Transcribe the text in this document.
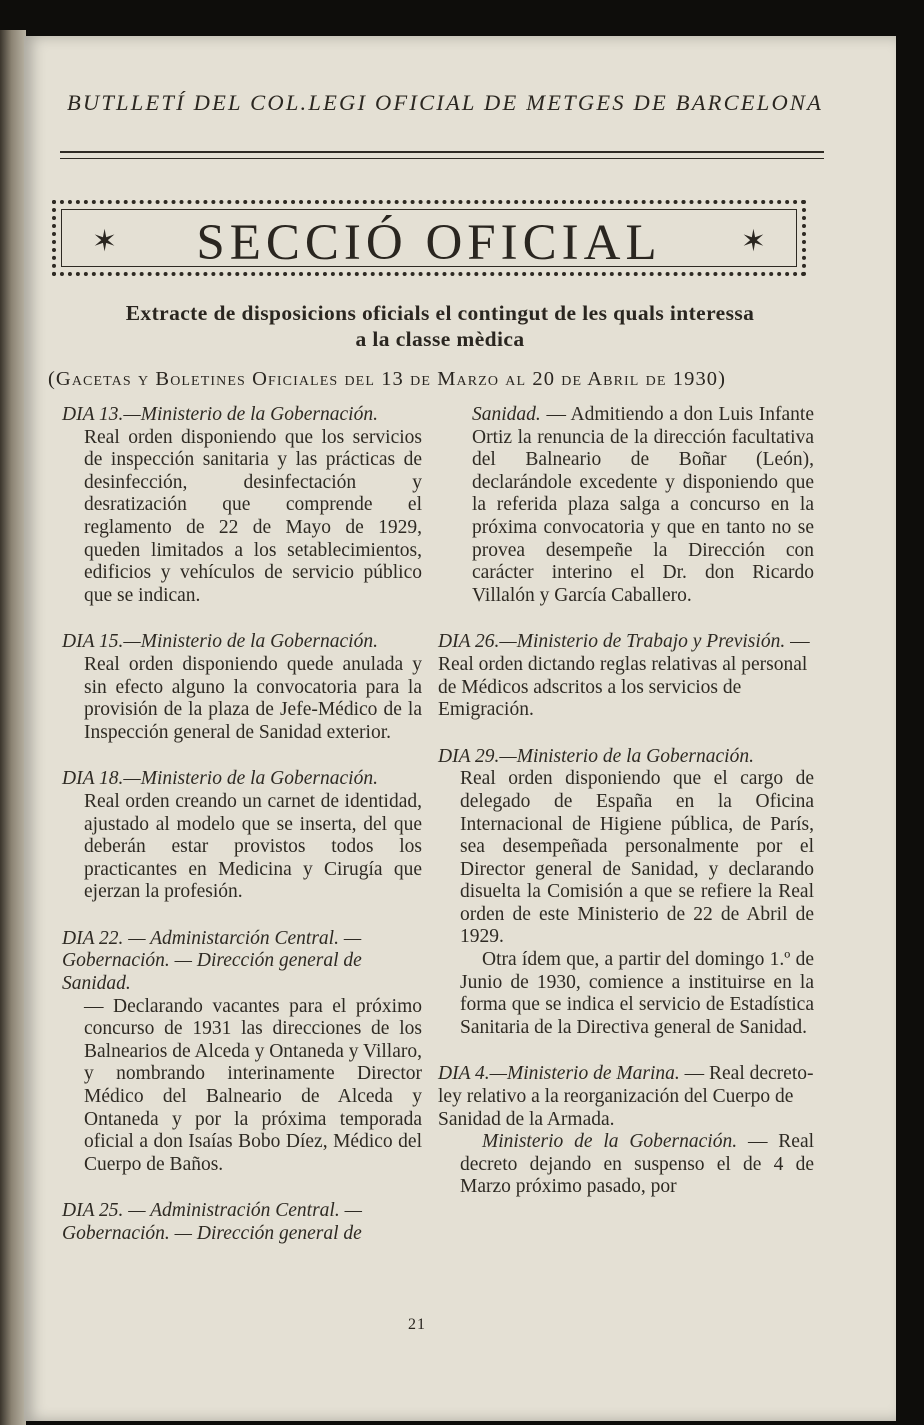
BUTLLETÍ DEL COL.LEGI OFICIAL DE METGES DE BARCELONA
✶	SECCIÓ OFICIAL	✶
Extracte de disposicions oficials el contingut de les quals interessa
a la classe mèdica
(Gacetas y Boletines Oficiales del 13 de Marzo al 20 de Abril de 1930)

DIA 13.—Ministerio de la Gobernación.
Real orden disponiendo que los servicios de inspección sanitaria y las prácticas de desinfección, desinfectación y desratización que comprende el reglamento de 22 de Mayo de 1929, queden limitados a los setablecimientos, edificios y vehículos de servicio público que se indican.

DIA 15.—Ministerio de la Gobernación.
Real orden disponiendo quede anulada y sin efecto alguno la convocatoria para la provisión de la plaza de Jefe-Médico de la Inspección general de Sanidad exterior.

DIA 18.—Ministerio de la Gobernación.
Real orden creando un carnet de identidad, ajustado al modelo que se inserta, del que deberán estar provistos todos los practicantes en Medicina y Cirugía que ejerzan la profesión.

DIA 22. — Administarción Central. — Gobernación. — Dirección general de Sanidad.
— Declarando vacantes para el próximo concurso de 1931 las direcciones de los Balnearios de Alceda y Ontaneda y Villaro, y nombrando interinamente Director Médico del Balneario de Alceda y Ontaneda y por la próxima temporada oficial a don Isaías Bobo Díez, Médico del Cuerpo de Baños.

DIA 25. — Administración Central. — Gobernación. — Dirección general de

Sanidad. — Admitiendo a don Luis Infante Ortiz la renuncia de la dirección facultativa del Balneario de Boñar (León), declarándole excedente y disponiendo que la referida plaza salga a concurso en la próxima convocatoria y que en tanto no se provea desempeñe la Dirección con carácter interino el Dr. don Ricardo Villalón y García Caballero.

DIA 26.—Ministerio de Trabajo y Previsión. — Real orden dictando reglas relativas al personal de Médicos adscritos a los servicios de Emigración.

DIA 29.—Ministerio de la Gobernación.
Real orden disponiendo que el cargo de delegado de España en la Oficina Internacional de Higiene pública, de París, sea desempeñada personalmente por el Director general de Sanidad, y declarando disuelta la Comisión a que se refiere la Real orden de este Ministerio de 22 de Abril de 1929.
Otra ídem que, a partir del domingo 1.º de Junio de 1930, comience a instituirse en la forma que se indica el servicio de Estadística Sanitaria de la Directiva general de Sanidad.

DIA 4.—Ministerio de Marina. — Real decreto-ley relativo a la reorganización del Cuerpo de Sanidad de la Armada.

Ministerio de la Gobernación. — Real decreto dejando en suspenso el de 4 de Marzo próximo pasado, por

21
